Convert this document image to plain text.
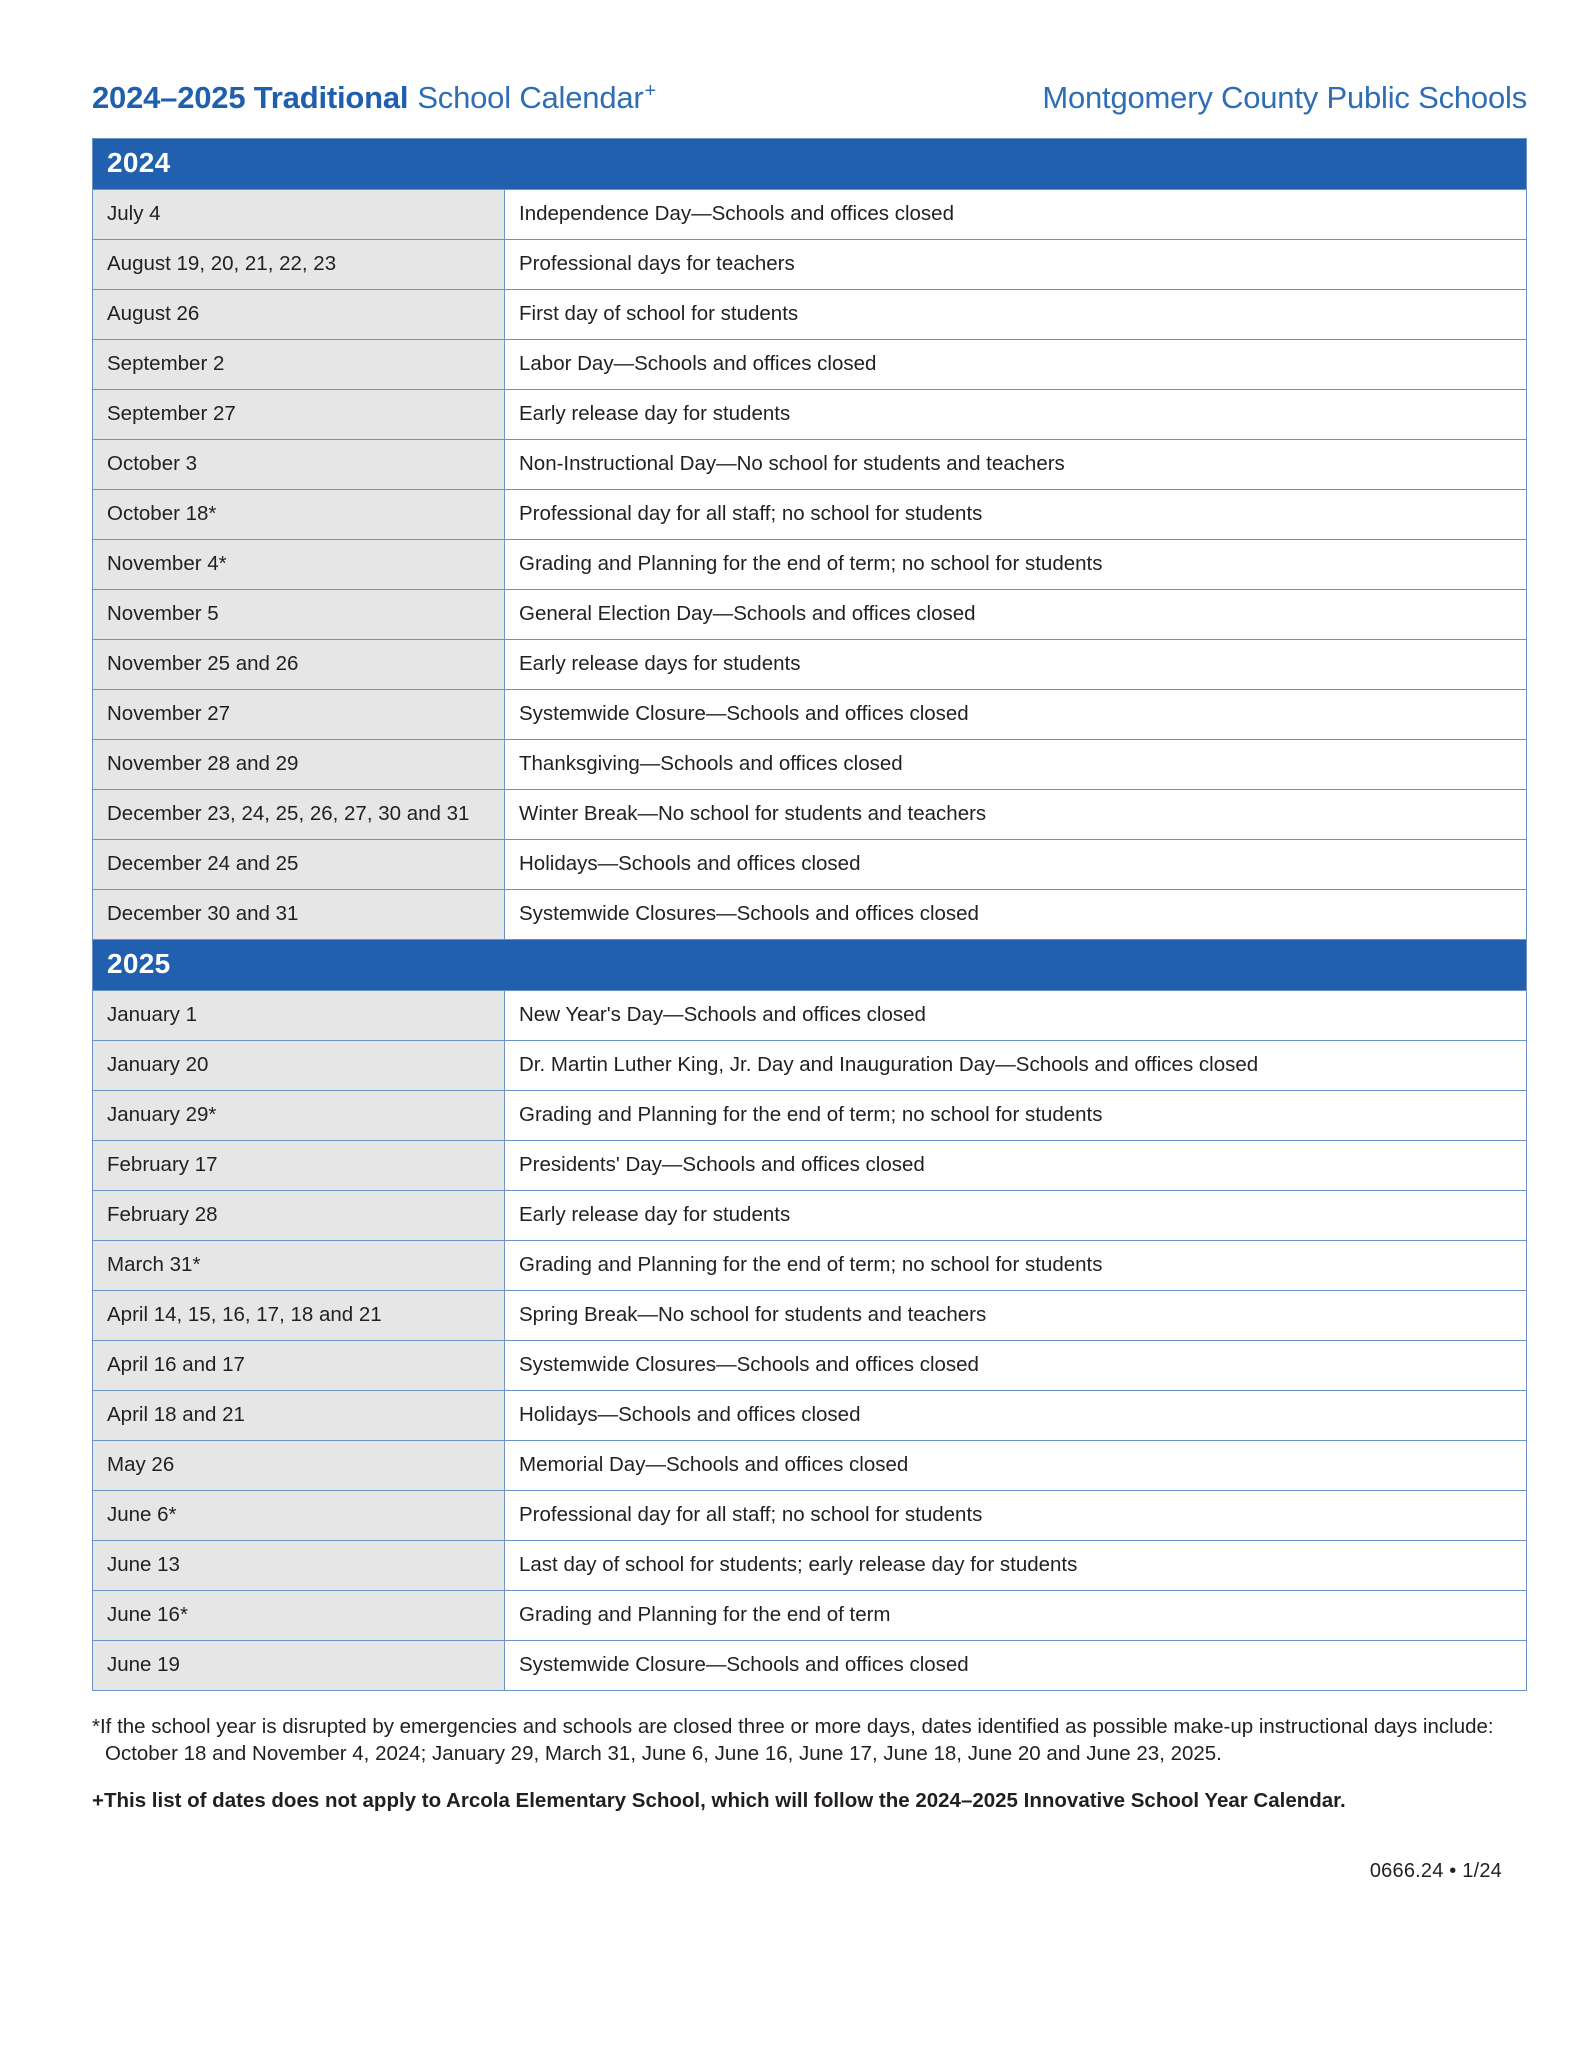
2024–2025 Traditional School Calendar +	Montgomery County Public Schools
2024	
July 4	Independence Day—Schools and offices closed
August 19, 20, 21, 22, 23	Professional days for teachers
August 26	First day of school for students
September 2	Labor Day—Schools and offices closed
September 27	Early release day for students
October 3	Non-Instructional Day—No school for students and teachers
October 18*	Professional day for all staff; no school for students
November 4*	Grading and Planning for the end of term; no school for students
November 5	General Election Day—Schools and offices closed
November 25 and 26	Early release days for students
November 27	Systemwide Closure—Schools and offices closed
November 28 and 29	Thanksgiving—Schools and offices closed
December 23, 24, 25, 26, 27, 30 and 31	Winter Break—No school for students and teachers
December 24 and 25	Holidays—Schools and offices closed
December 30 and 31	Systemwide Closures—Schools and offices closed
2025	
January 1	New Year's Day—Schools and offices closed
January 20	Dr. Martin Luther King, Jr. Day and Inauguration Day—Schools and offices closed
January 29*	Grading and Planning for the end of term; no school for students
February 17	Presidents' Day—Schools and offices closed
February 28	Early release day for students
March 31*	Grading and Planning for the end of term; no school for students
April 14, 15, 16, 17, 18 and 21	Spring Break—No school for students and teachers
April 16 and 17	Systemwide Closures—Schools and offices closed
April 18 and 21	Holidays—Schools and offices closed
May 26	Memorial Day—Schools and offices closed
June 6*	Professional day for all staff; no school for students
June 13	Last day of school for students; early release day for students
June 16*	Grading and Planning for the end of term
June 19	Systemwide Closure—Schools and offices closed

*If the school year is disrupted by emergencies and schools are closed three or more days, dates identified as possible make-up instructional days include: October 18 and November 4, 2024; January 29, March 31, June 6, June 16, June 17, June 18, June 20 and June 23, 2025.

+This list of dates does not apply to Arcola Elementary School, which will follow the 2024–2025 Innovative School Year Calendar.

0666.24 • 1/24
